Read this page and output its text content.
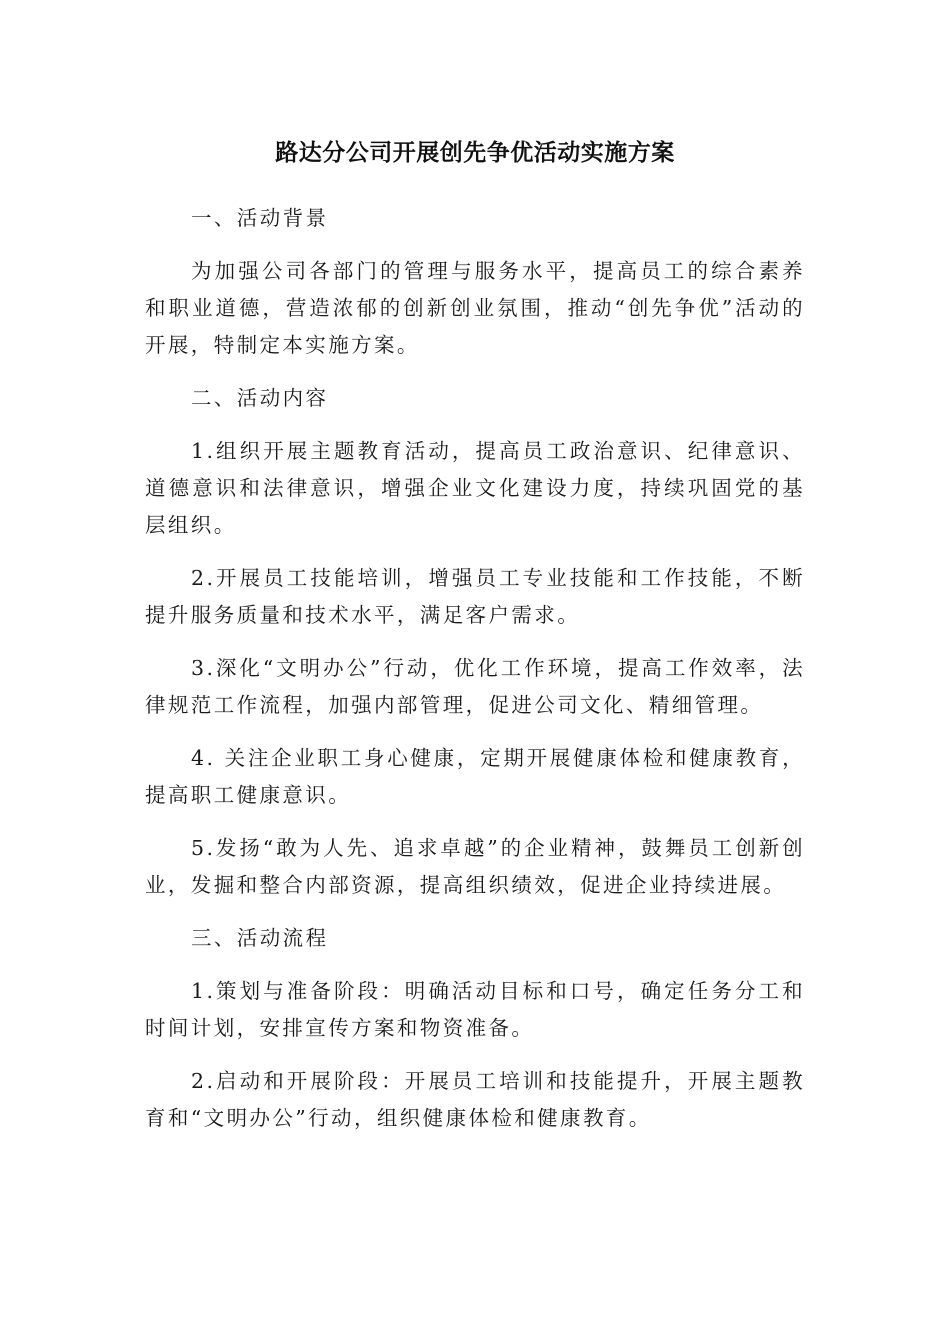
路达分公司开展创先争优活动实施方案

一、活动背景

为加强公司各部门的管理与服务水平，提高员工的综合素养和职业道德，营造浓郁的创新创业氛围，推动“创先争优”活动的开展，特制定本实施方案。

二、活动内容

1.组织开展主题教育活动，提高员工政治意识、纪律意识、道德意识和法律意识，增强企业文化建设力度，持续巩固党的基层组织。

2.开展员工技能培训，增强员工专业技能和工作技能，不断提升服务质量和技术水平，满足客户需求。

3.深化“文明办公”行动，优化工作环境，提高工作效率，法律规范工作流程，加强内部管理，促进公司文化、精细管理。

4. 关注企业职工身心健康，定期开展健康体检和健康教育，提高职工健康意识。

5.发扬“敢为人先、追求卓越”的企业精神，鼓舞员工创新创业，发掘和整合内部资源，提高组织绩效，促进企业持续进展。

三、活动流程

1.策划与准备阶段：明确活动目标和口号，确定任务分工和时间计划，安排宣传方案和物资准备。

2.启动和开展阶段：开展员工培训和技能提升，开展主题教育和“文明办公”行动，组织健康体检和健康教育。
